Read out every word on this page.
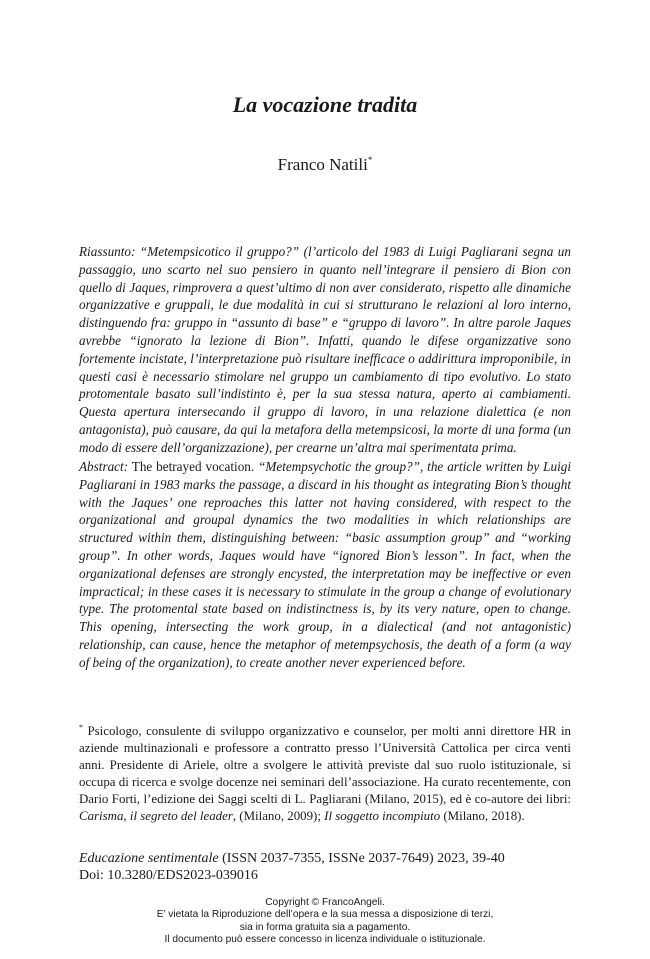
La vocazione tradita
Franco Natili*

Riassunto: “Metempsicotico il gruppo?” (l’articolo del 1983 di Luigi Pagliarani segna un passaggio, uno scarto nel suo pensiero in quanto nell’integrare il pensiero di Bion con quello di Jaques, rimprovera a quest’ultimo di non aver considerato, rispetto alle dinamiche organizzative e gruppali, le due modalità in cui si strutturano le relazioni al loro interno, distinguendo fra: gruppo in “assunto di base” e “gruppo di lavoro”. In altre parole Jaques avrebbe “ignorato la lezione di Bion”. Infatti, quando le difese organizzative sono fortemente incistate, l’interpretazione può risultare inefficace o addirittura improponibile, in questi casi è necessario stimolare nel gruppo un cambiamento di tipo evolutivo. Lo stato protomentale basato sull’indistinto è, per la sua stessa natura, aperto ai cambiamenti. Questa apertura intersecando il gruppo di lavoro, in una relazione dialettica (e non antagonista), può causare, da qui la metafora della metempsicosi, la morte di una forma (un modo di essere dell’organizzazione), per crearne un’altra mai sperimentata prima.

Abstract: The betrayed vocation. “Metempsychotic the group?”, the article written by Luigi Pagliarani in 1983 marks the passage, a discard in his thought as integrating Bion’s thought with the Jaques’ one reproaches this latter not having considered, with respect to the organizational and groupal dynamics the two modalities in which relationships are structured within them, distinguishing between: “basic assumption group” and “working group”. In other words, Jaques would have “ignored Bion’s lesson”. In fact, when the organizational defenses are strongly encysted, the interpretation may be ineffective or even impractical; in these cases it is necessary to stimulate in the group a change of evolutionary type. The protomental state based on indistinctness is, by its very nature, open to change. This opening, intersecting the work group, in a dialectical (and not antagonistic) relationship, can cause, hence the metaphor of metempsychosis, the death of a form (a way of being of the organization), to create another never experienced before.

* Psicologo, consulente di sviluppo organizzativo e counselor, per molti anni direttore HR in aziende multinazionali e professore a contratto presso l’Università Cattolica per circa venti anni. Presidente di Ariele, oltre a svolgere le attività previste dal suo ruolo istituzionale, si occupa di ricerca e svolge docenze nei seminari dell’associazione. Ha curato recentemente, con Dario Forti, l’edizione dei Saggi scelti di L. Pagliarani (Milano, 2015), ed è co-autore dei libri: Carisma, il segreto del leader, (Milano, 2009); Il soggetto incompiuto (Milano, 2018).

Educazione sentimentale (ISSN 2037-7355, ISSNe 2037-7649) 2023, 39-40
Doi: 10.3280/EDS2023-039016
Copyright © FrancoAngeli.
E’ vietata la Riproduzione dell’opera e la sua messa a disposizione di terzi,
sia in forma gratuita sia a pagamento.
Il documento può essere concesso in licenza individuale o istituzionale.
